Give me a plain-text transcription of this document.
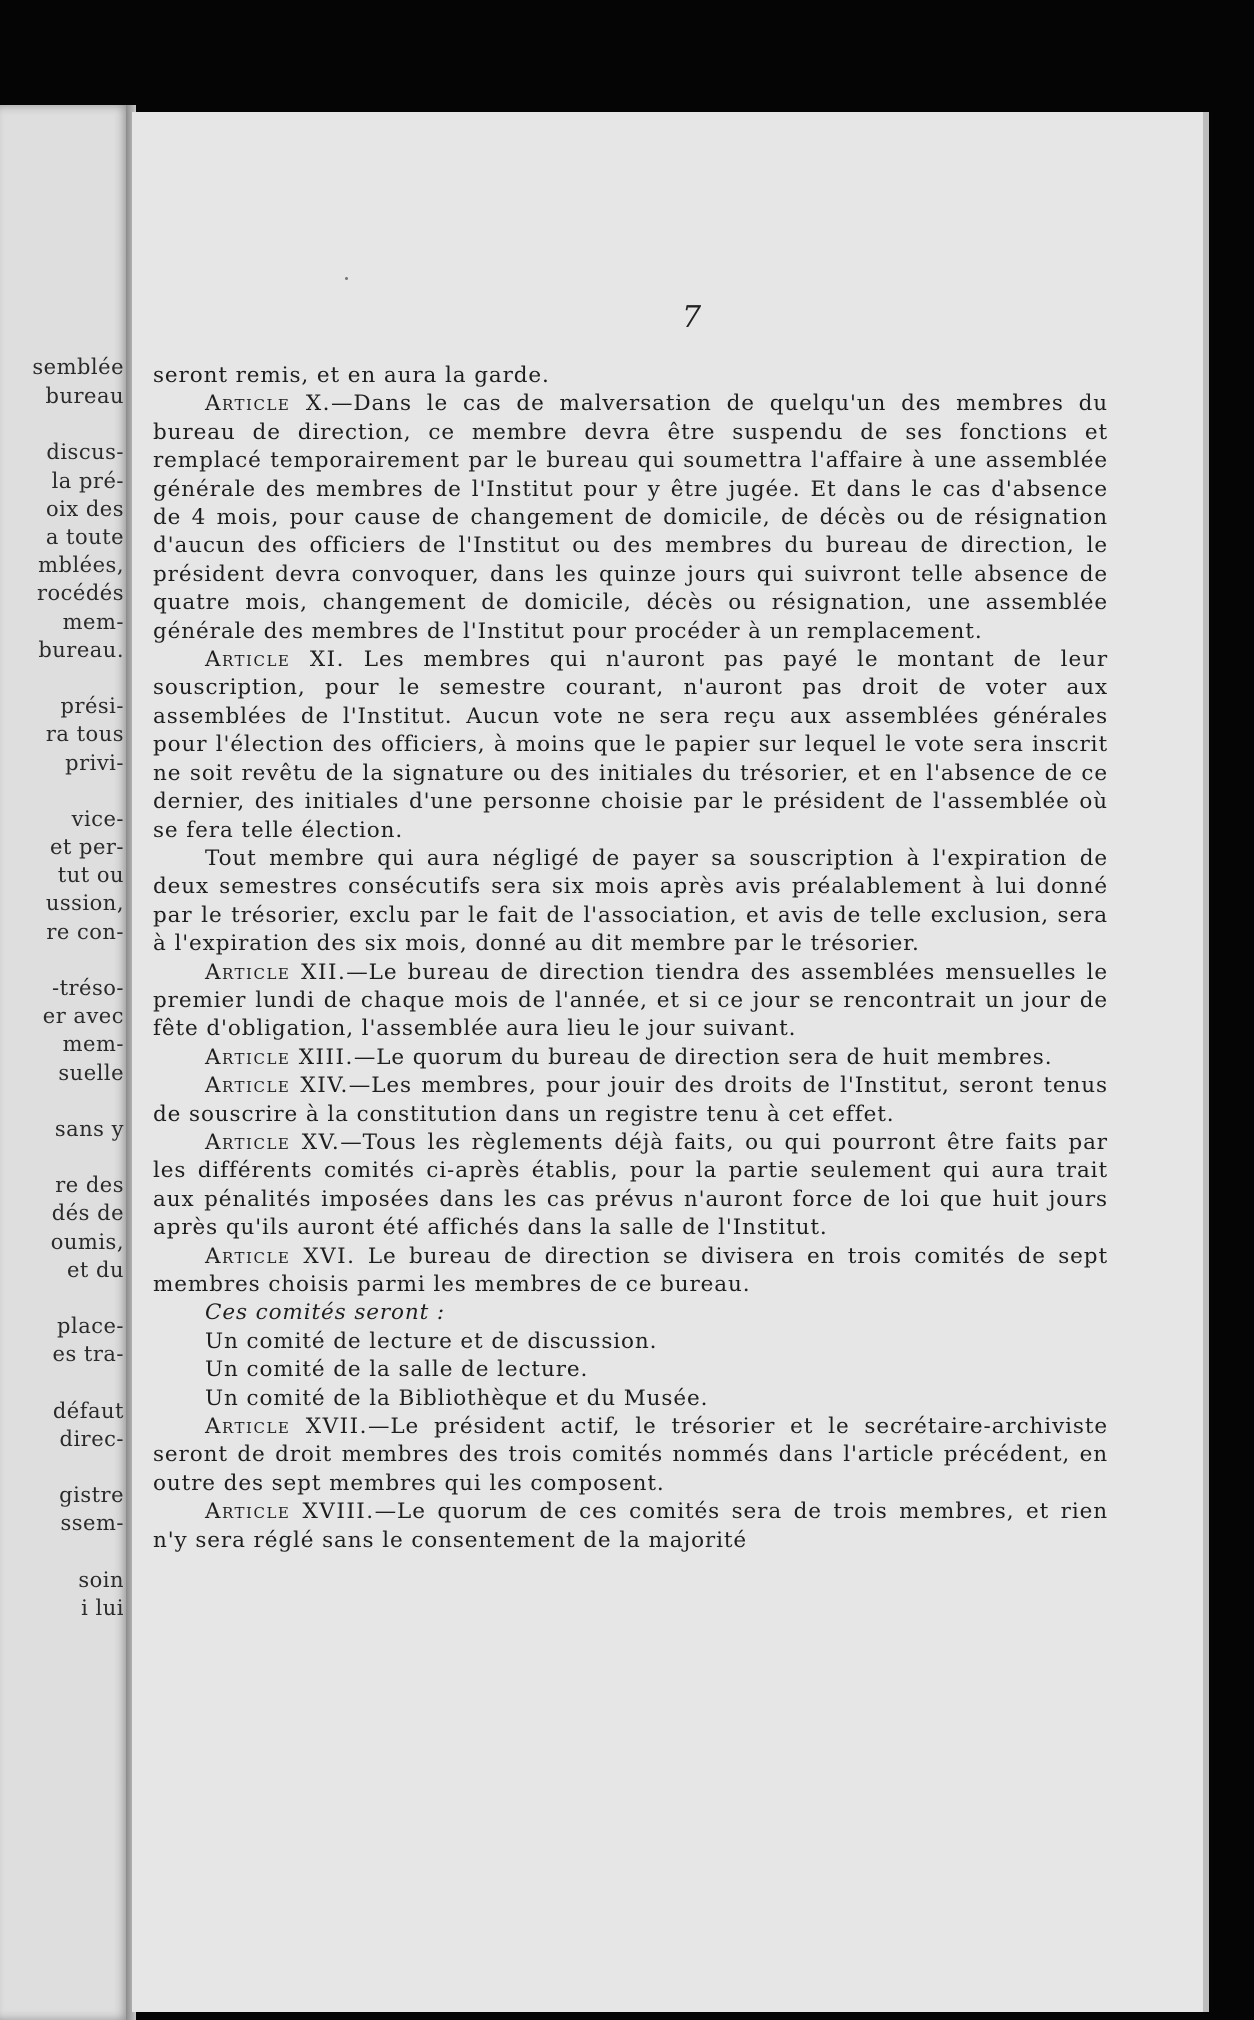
semblée
bureau
discus-
la pré-
oix des
a toute
mblées,
rocédés
mem-
bureau.
prési-
ra tous
privi-
vice-
et per-
tut ou
ussion,
re con-
-tréso-
er avec
mem-
suelle
sans y
re des
dés de
oumis,
et du
place-
es tra-
défaut
direc-
gistre
ssem-
soin
i lui
7

seront remis, et en aura la garde.

Article X.—Dans le cas de malversation de quelqu'un des membres du bureau de direction, ce membre devra être suspendu de ses fonctions et remplacé temporairement par le bureau qui soumettra l'affaire à une assemblée générale des membres de l'Institut pour y être jugée. Et dans le cas d'absence de 4 mois, pour cause de changement de domicile, de décès ou de résignation d'aucun des officiers de l'Institut ou des membres du bureau de direction, le président devra convoquer, dans les quinze jours qui suivront telle absence de quatre mois, changement de domicile, décès ou résignation, une assemblée générale des membres de l'Institut pour procéder à un remplacement.

Article XI. Les membres qui n'auront pas payé le montant de leur souscription, pour le semestre courant, n'auront pas droit de voter aux assemblées de l'Institut. Aucun vote ne sera reçu aux assemblées générales pour l'élection des officiers, à moins que le papier sur lequel le vote sera inscrit ne soit revêtu de la signature ou des initiales du trésorier, et en l'absence de ce dernier, des initiales d'une personne choisie par le président de l'assemblée où se fera telle élection.

Tout membre qui aura négligé de payer sa souscription à l'expiration de deux semestres consécutifs sera six mois après avis préalablement à lui donné par le trésorier, exclu par le fait de l'association, et avis de telle exclusion, sera à l'expiration des six mois, donné au dit membre par le trésorier.

Article XII.—Le bureau de direction tiendra des assemblées mensuelles le premier lundi de chaque mois de l'année, et si ce jour se rencontrait un jour de fête d'obligation, l'assemblée aura lieu le jour suivant.

Article XIII.—Le quorum du bureau de direction sera de huit membres.

Article XIV.—Les membres, pour jouir des droits de l'Institut, seront tenus de souscrire à la constitution dans un registre tenu à cet effet.

Article XV.—Tous les règlements déjà faits, ou qui pourront être faits par les différents comités ci-après établis, pour la partie seulement qui aura trait aux pénalités imposées dans les cas prévus n'auront force de loi que huit jours après qu'ils auront été affichés dans la salle de l'Institut.

Article XVI. Le bureau de direction se divisera en trois comités de sept membres choisis parmi les membres de ce bureau.

Ces comités seront :

Un comité de lecture et de discussion.

Un comité de la salle de lecture.

Un comité de la Bibliothèque et du Musée.

Article XVII.—Le président actif, le trésorier et le secrétaire-archiviste seront de droit membres des trois comités nommés dans l'article précédent, en outre des sept membres qui les composent.

Article XVIII.—Le quorum de ces comités sera de trois membres, et rien n'y sera réglé sans le consentement de la majorité
